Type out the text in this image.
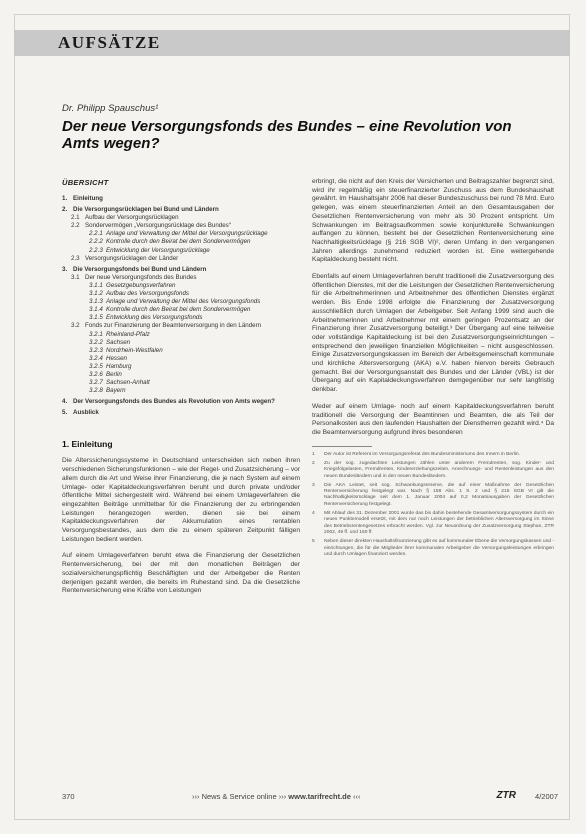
AUFSÄTZE
Dr. Philipp Spauschus¹
Der neue Versorgungsfonds des Bundes – eine Revolution von Amts wegen?
ÜBERSICHT
1. Einleitung
2. Die Versorgungsrücklagen bei Bund und Ländern
2.1 Aufbau der Versorgungsrücklagen
2.2 Sondervermögen „Versorgungsrücklage des Bundes“
2.2.1 Anlage und Verwaltung der Mittel der Versorgungsrücklage
2.2.2 Kontrolle durch den Beirat bei dem Sondervermögen
2.2.3 Entwicklung der Versorgungsrücklage
2.3 Versorgungsrücklagen der Länder
3. Die Versorgungsfonds bei Bund und Ländern
3.1 Der neue Versorgungsfonds des Bundes
3.1.1 Gesetzgebungsverfahren
3.1.2 Aufbau des Versorgungsfonds
3.1.3 Anlage und Verwaltung der Mittel des Versorgungsfonds
3.1.4 Kontrolle durch den Beirat bei dem Sondervermögen
3.1.5 Entwicklung des Versorgungsfonds
3.2 Fonds zur Finanzierung der Beamtenversorgung in den Ländern
3.2.1 Rheinland-Pfalz
3.2.2 Sachsen
3.2.3 Nordrhein-Westfalen
3.2.4 Hessen
3.2.5 Hamburg
3.2.6 Berlin
3.2.7 Sachsen-Anhalt
3.2.8 Bayern
4. Der Versorgungsfonds des Bundes als Revolution von Amts wegen?
5. Ausblick
1. Einleitung

Die Alterssicherungssysteme in Deutschland unterscheiden sich neben ihren verschiedenen Sicherungsfunktionen – wie der Regel- und Zusatzsicherung – vor allem durch die Art und Weise ihrer Finanzierung, die je nach System auf einem Umlage- oder Kapitaldeckungsverfahren beruht und durch private und/oder öffentliche Mittel sichergestellt wird. Während bei einem Umlageverfahren die eingezahlten Beiträge unmittelbar für die Finanzierung der zu erbringenden Leistungen herangezogen werden, dienen sie bei einem Kapitaldeckungsverfahren der Akkumulation eines rentablen Versorgungsbestandes, aus dem die zu einem späteren Zeitpunkt fälligen Leistungen bedient werden.

Auf einem Umlageverfahren beruht etwa die Finanzierung der Gesetzlichen Rentenversicherung, bei der mit den monatlichen Beiträgen der sozialversicherungspflichtig Beschäftigten und der Arbeitgeber die Renten derjenigen gezahlt werden, die bereits im Ruhestand sind. Da die Gesetzliche Rentenversicherung eine Kräfte von Leistungen

erbringt, die nicht auf den Kreis der Versicherten und Beitragszahler begrenzt sind, wird ihr regelmäßig ein steuerfinanzierter Zuschuss aus dem Bundeshaushalt gewährt. Im Haushaltsjahr 2006 hat dieser Bundeszuschuss bei rund 78 Mrd. Euro gelegen, was einem steuerfinanzierten Anteil an den Gesamtausgaben der Gesetzlichen Rentenversicherung von mehr als 30 Prozent entspricht. Um Schwankungen im Beitragsaufkommen sowie konjunkturelle Schwankungen auffangen zu können, besteht bei der Gesetzlichen Rentenversicherung eine Nachhaltigkeitsrücklage (§ 216 SGB VI)², deren Umfang in den vergangenen Jahren allerdings zunehmend reduziert worden ist. Eine weitergehende Kapitaldeckung besteht nicht.

Ebenfalls auf einem Umlageverfahren beruht traditionell die Zusatzversorgung des öffentlichen Dienstes, mit der die Leistungen der Gesetzlichen Rentenversicherung für die Arbeitnehmerinnen und Arbeitnehmer des öffentlichen Dienstes ergänzt werden. Bis Ende 1998 erfolgte die Finanzierung der Zusatzversorgung ausschließlich durch Umlagen der Arbeitgeber. Seit Anfang 1999 sind auch die Arbeitnehmerinnen und Arbeitnehmer mit einem geringen Prozentsatz an der Finanzierung ihrer Zusatzversorgung beteiligt.³ Der Übergang auf eine teilweise oder vollständige Kapitaldeckung ist bei den Zusatzversorgungseinrichtungen – entsprechend den jeweiligen finanziellen Möglichkeiten – nicht ausgeschlossen. Einige Zusatzversorgungskassen im Bereich der Arbeitsgemeinschaft kommunale und kirchliche Altersversorgung (AKA) e.V. haben hiervon bereits Gebrauch gemacht. Bei der Versorgungsanstalt des Bundes und der Länder (VBL) ist der Übergang auf ein Kapitaldeckungsverfahren demgegenüber nur sehr langfristig denkbar.

Weder auf einem Umlage- noch auf einem Kapitaldeckungsverfahren beruht traditionell die Versorgung der Beamtinnen und Beamten, die als Teil der Personalkosten aus den laufenden Haushalten der Dienstherren gezahlt wird.⁴ Da die Beamtenversorgung aufgrund ihres besonderen

1	Der Autor ist Referent im Versorgungsreferat des Bundesministeriums des Innern in Berlin.
2	Zu der sog. zugedachten Leistungen zählen unter anderem Fremdrenten, sog. Kinder- und Kriegsfolgelasten, Fremdrenten, Kindererziehungszeiten, Anrechnungs- und Rentenleistungen aus den neuen Bundesländern und in den neuen Bundesländern.
3	Die AKA Leistet, seit sog. Schwankungsreserve, die auf einer Maßnahme der Gesetzlichen Rentenversicherung festgelegt war. Nach § 158 Abs. 1 S. 2 und § 216 SGB VI gilt die Nachhaltigkeitsrücklage seit dem 1. Januar 2004 auf 0,2 Monatsausgaben der Gesetzlichen Rentenversicherung festgelegt.
4	Mit Ablauf des 31. Dezember 2001 wurde das bis dahin bestehende Gesamtversorgungssystem durch ein neues Punktemodell ersetzt, mit dem nur noch Leistungen der betrieblichen Altersversorgung im Sinne des Betriebsrentengesetzes erbracht werden. Vgl. zur Neuordnung der Zusatzversorgung Stephan, ZTR 2002, 49 ff. und 150 ff.
5	Neben dieser direkten Haushaltsfinanzierung gibt es auf kommunaler Ebene die Versorgungskassen und -einrichtungen, die für die Mitglieder ihrer kommunalen Arbeitgeber die Versorgungsleistungen erbringen und durch Umlagen finanziert werden.
370	››› News & Service online ››› www.tarifrecht.de ‹‹‹	ZTR	4/2007
